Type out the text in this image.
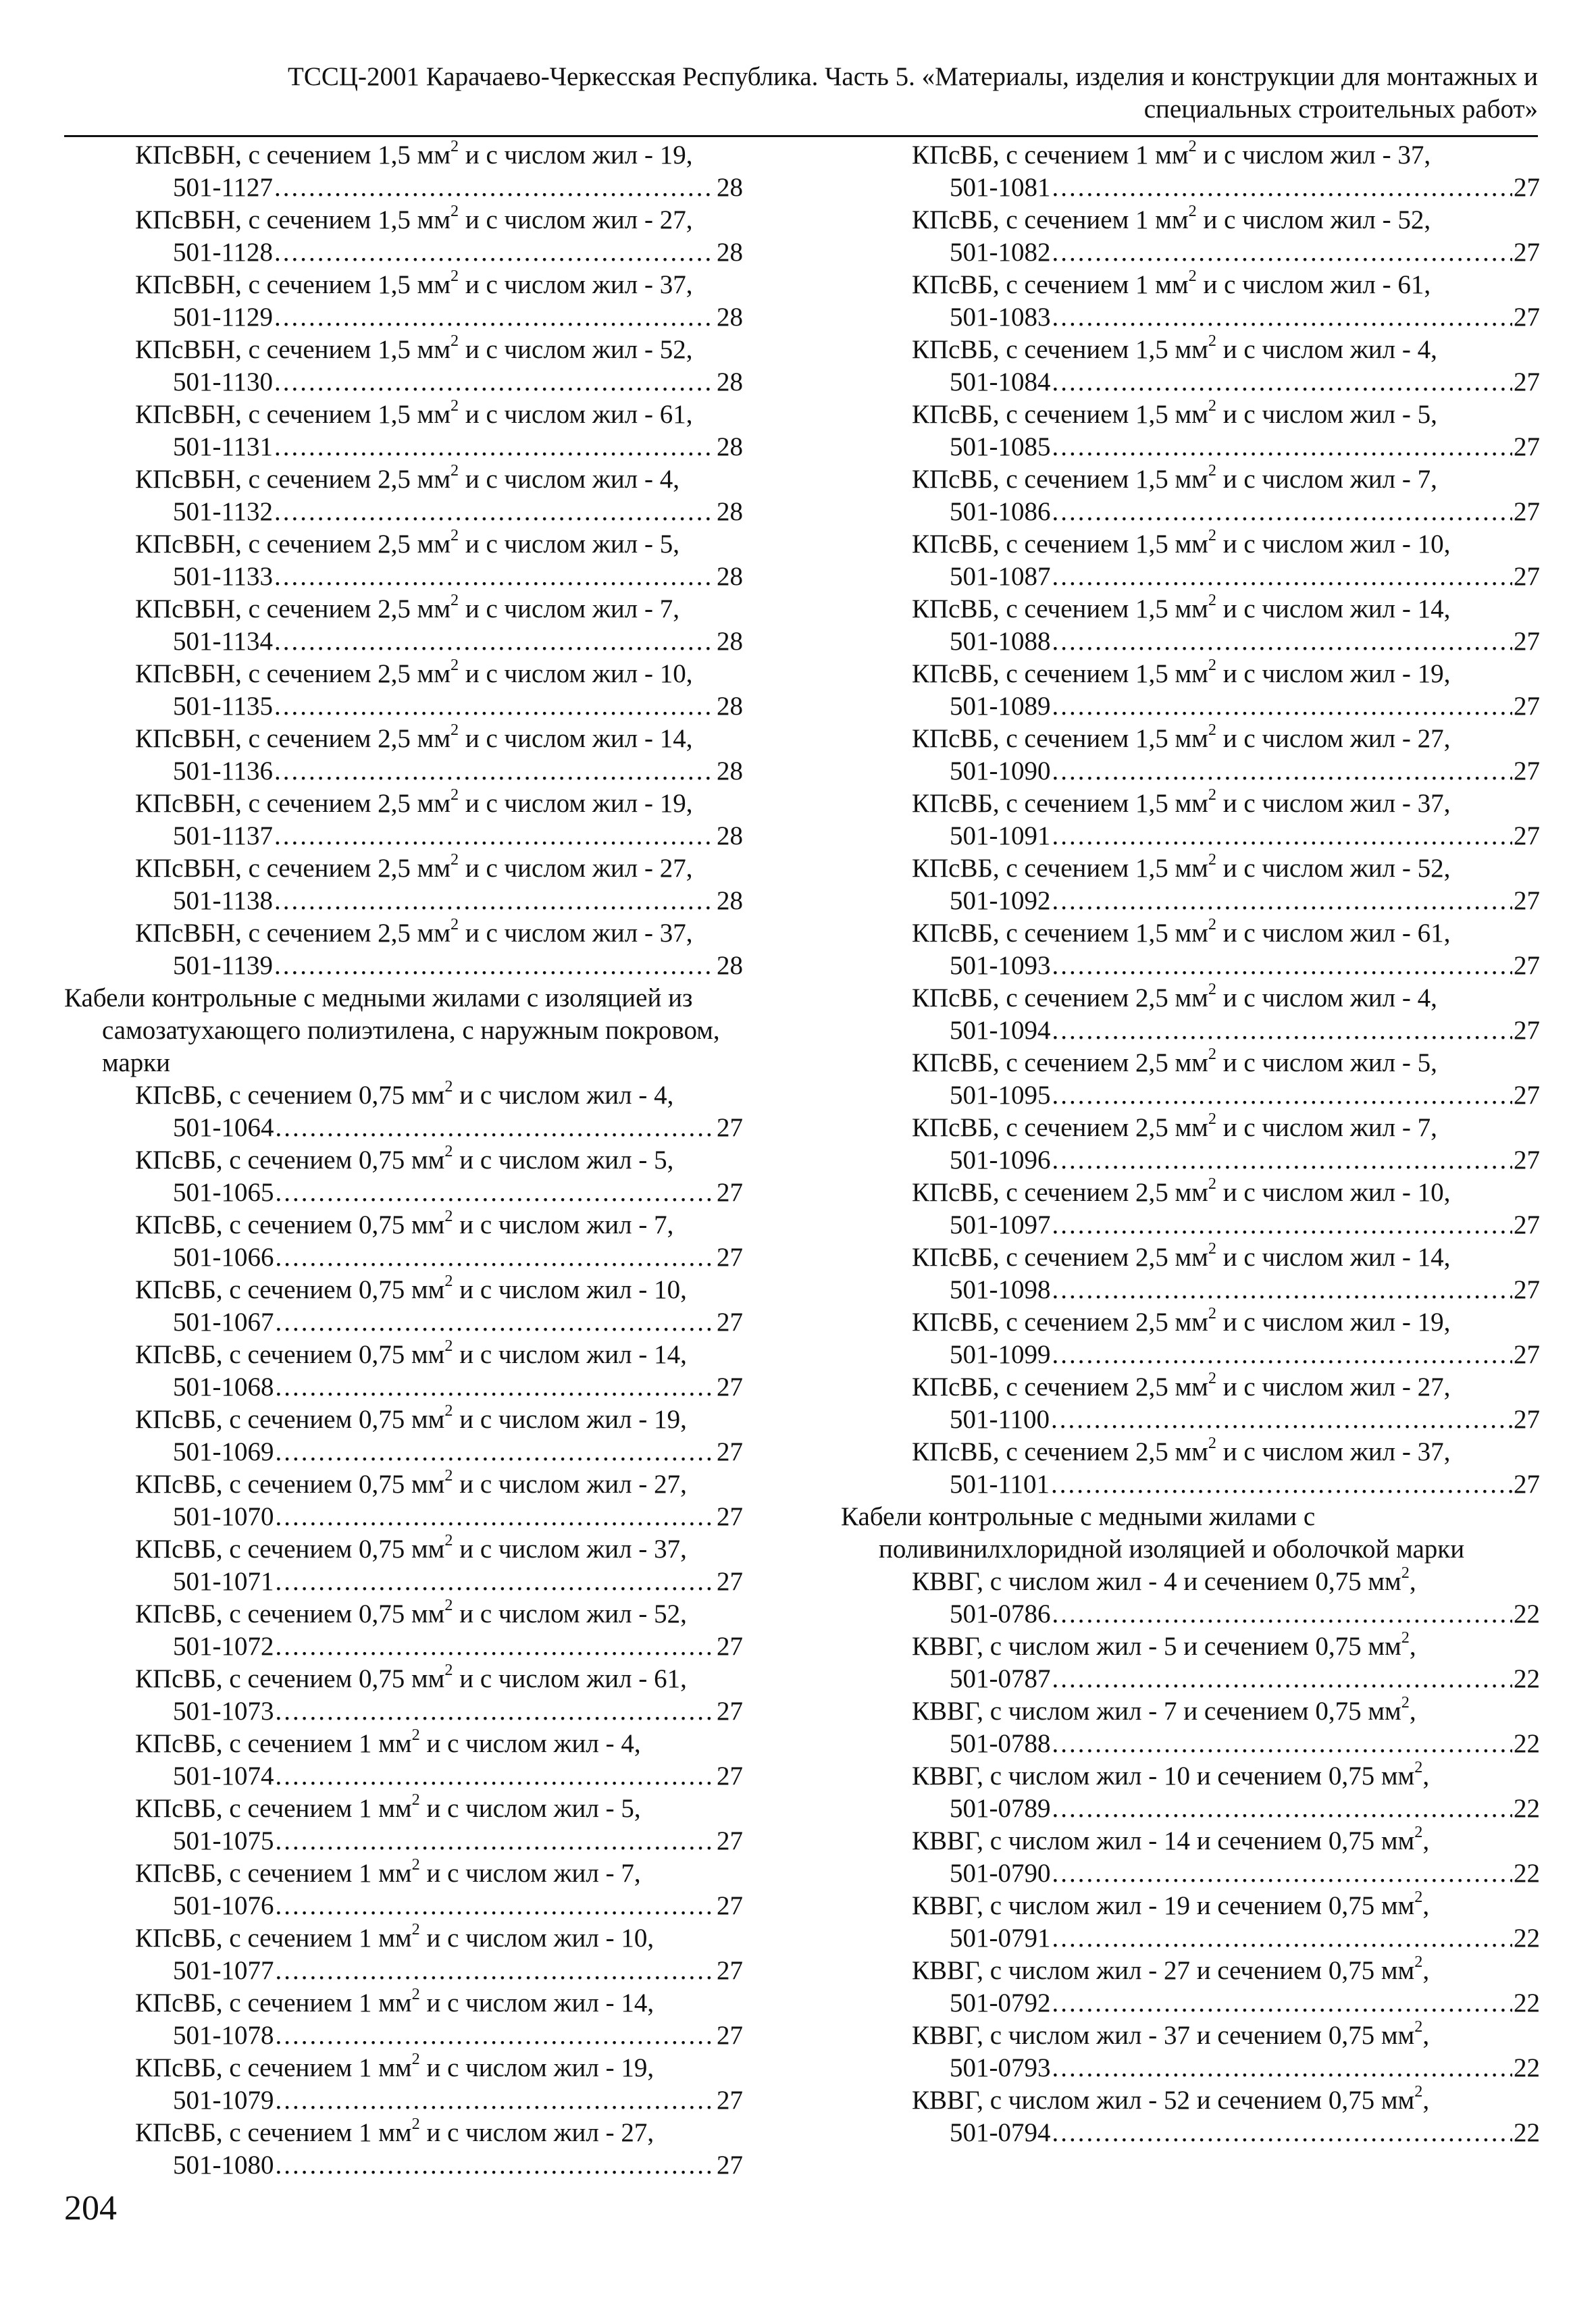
ТССЦ-2001 Карачаево-Черкесская Республика. Часть 5. «Материалы, изделия и конструкции для монтажных и
специальных строительных работ»
КПсВБН, с сечением 1,5 $мм^2$ и с числом жил - 19,
501-1127 .....	28
КПсВБН, с сечением 1,5 $мм^2$ и с числом жил - 27,
501-1128 .....	28
КПсВБН, с сечением 1,5 $мм^2$ и с числом жил - 37,
501-1129 .....	28
КПсВБН, с сечением 1,5 $мм^2$ и с числом жил - 52,
501-1130 .....	28
КПсВБН, с сечением 1,5 $мм^2$ и с числом жил - 61,
501-1131 .....	28
КПсВБН, с сечением 2,5 $мм^2$ и с числом жил - 4,
501-1132 .....	28
КПсВБН, с сечением 2,5 $мм^2$ и с числом жил - 5,
501-1133 .....	28
КПсВБН, с сечением 2,5 $мм^2$ и с числом жил - 7,
501-1134 .....	28
КПсВБН, с сечением 2,5 $мм^2$ и с числом жил - 10,
501-1135 .....	28
КПсВБН, с сечением 2,5 $мм^2$ и с числом жил - 14,
501-1136 .....	28
КПсВБН, с сечением 2,5 $мм^2$ и с числом жил - 19,
501-1137 .....	28
КПсВБН, с сечением 2,5 $мм^2$ и с числом жил - 27,
501-1138 .....	28
КПсВБН, с сечением 2,5 $мм^2$ и с числом жил - 37,
501-1139 .....	28

Кабели контрольные с медными жилами с изоляцией из самозатухающего полиэтилена, с наружным покровом, марки

КПсВБ, с сечением 0,75 $мм^2$ и с числом жил - 4,
501-1064 .....	27
КПсВБ, с сечением 0,75 $мм^2$ и с числом жил - 5,
501-1065 .....	27
КПсВБ, с сечением 0,75 $мм^2$ и с числом жил - 7,
501-1066 .....	27
КПсВБ, с сечением 0,75 $мм^2$ и с числом жил - 10,
501-1067 .....	27
КПсВБ, с сечением 0,75 $мм^2$ и с числом жил - 14,
501-1068 .....	27
КПсВБ, с сечением 0,75 $мм^2$ и с числом жил - 19,
501-1069 .....	27
КПсВБ, с сечением 0,75 $мм^2$ и с числом жил - 27,
501-1070 .....	27
КПсВБ, с сечением 0,75 $мм^2$ и с числом жил - 37,
501-1071 .....	27
КПсВБ, с сечением 0,75 $мм^2$ и с числом жил - 52,
501-1072 .....	27
КПсВБ, с сечением 0,75 $мм^2$ и с числом жил - 61,
501-1073 .....	27
КПсВБ, с сечением 1 $мм^2$ и с числом жил - 4,
501-1074 .....	27
КПсВБ, с сечением 1 $мм^2$ и с числом жил - 5,
501-1075 .....	27
КПсВБ, с сечением 1 $мм^2$ и с числом жил - 7,
501-1076 .....	27
КПсВБ, с сечением 1 $мм^2$ и с числом жил - 10,
501-1077 .....	27
КПсВБ, с сечением 1 $мм^2$ и с числом жил - 14,
501-1078 .....	27
КПсВБ, с сечением 1 $мм^2$ и с числом жил - 19,
501-1079 .....	27
КПсВБ, с сечением 1 $мм^2$ и с числом жил - 27,
501-1080 .....	27
КПсВБ, с сечением 1 $мм^2$ и с числом жил - 37,
501-1081 .....	27
КПсВБ, с сечением 1 $мм^2$ и с числом жил - 52,
501-1082 .....	27
КПсВБ, с сечением 1 $мм^2$ и с числом жил - 61,
501-1083 .....	27
КПсВБ, с сечением 1,5 $мм^2$ и с числом жил - 4,
501-1084 .....	27
КПсВБ, с сечением 1,5 $мм^2$ и с числом жил - 5,
501-1085 .....	27
КПсВБ, с сечением 1,5 $мм^2$ и с числом жил - 7,
501-1086 .....	27
КПсВБ, с сечением 1,5 $мм^2$ и с числом жил - 10,
501-1087 .....	27
КПсВБ, с сечением 1,5 $мм^2$ и с числом жил - 14,
501-1088 .....	27
КПсВБ, с сечением 1,5 $мм^2$ и с числом жил - 19,
501-1089 .....	27
КПсВБ, с сечением 1,5 $мм^2$ и с числом жил - 27,
501-1090 .....	27
КПсВБ, с сечением 1,5 $мм^2$ и с числом жил - 37,
501-1091 .....	27
КПсВБ, с сечением 1,5 $мм^2$ и с числом жил - 52,
501-1092 .....	27
КПсВБ, с сечением 1,5 $мм^2$ и с числом жил - 61,
501-1093 .....	27
КПсВБ, с сечением 2,5 $мм^2$ и с числом жил - 4,
501-1094 .....	27
КПсВБ, с сечением 2,5 $мм^2$ и с числом жил - 5,
501-1095 .....	27
КПсВБ, с сечением 2,5 $мм^2$ и с числом жил - 7,
501-1096 .....	27
КПсВБ, с сечением 2,5 $мм^2$ и с числом жил - 10,
501-1097 .....	27
КПсВБ, с сечением 2,5 $мм^2$ и с числом жил - 14,
501-1098 .....	27
КПсВБ, с сечением 2,5 $мм^2$ и с числом жил - 19,
501-1099 .....	27
КПсВБ, с сечением 2,5 $мм^2$ и с числом жил - 27,
501-1100 .....	27
КПсВБ, с сечением 2,5 $мм^2$ и с числом жил - 37,
501-1101 .....	27

Кабели контрольные с медными жилами с поливинилхлоридной изоляцией и оболочкой марки

КВВГ, с числом жил - 4 и сечением 0,75 $мм^2$,
501-0786 .....	22
КВВГ, с числом жил - 5 и сечением 0,75 $мм^2$,
501-0787 .....	22
КВВГ, с числом жил - 7 и сечением 0,75 $мм^2$,
501-0788 .....	22
КВВГ, с числом жил - 10 и сечением 0,75 $мм^2$,
501-0789 .....	22
КВВГ, с числом жил - 14 и сечением 0,75 $мм^2$,
501-0790 .....	22
КВВГ, с числом жил - 19 и сечением 0,75 $мм^2$,
501-0791 .....	22
КВВГ, с числом жил - 27 и сечением 0,75 $мм^2$,
501-0792 .....	22
КВВГ, с числом жил - 37 и сечением 0,75 $мм^2$,
501-0793 .....	22
КВВГ, с числом жил - 52 и сечением 0,75 $мм^2$,
501-0794 .....	22
204
